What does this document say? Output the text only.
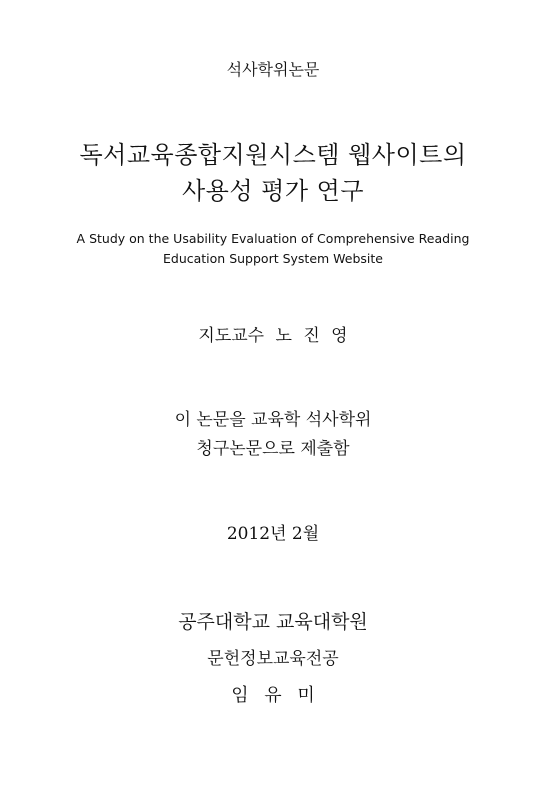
석사학위논문
독서교육종합지원시스템 웹사이트의
사용성 평가 연구
A Study on the Usability Evaluation of Comprehensive Reading
Education Support System Website
지도교수 노 진 영
이 논문을 교육학 석사학위
청구논문으로 제출함
2012년 2월
공주대학교 교육대학원
문헌정보교육전공
임 유 미
